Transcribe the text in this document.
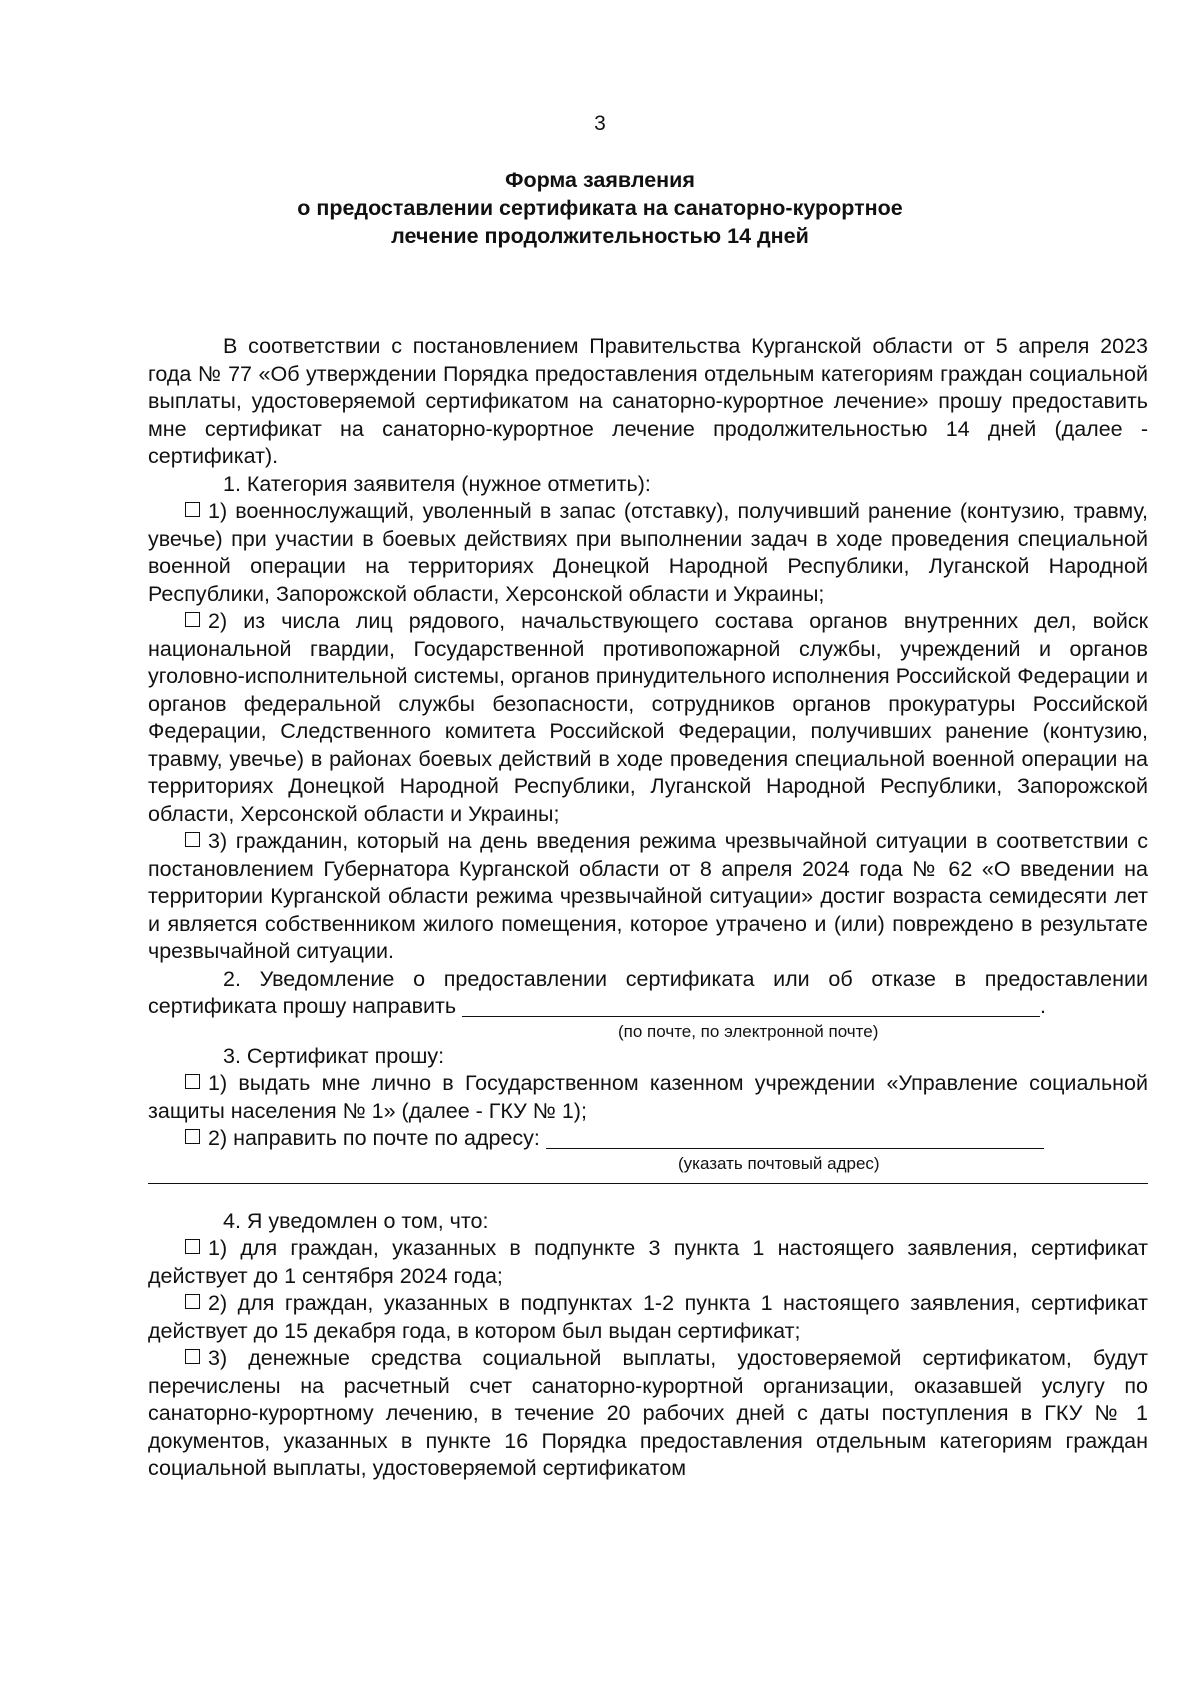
3
Форма заявления
о предоставлении сертификата на санаторно-курортное
лечение продолжительностью 14 дней

В соответствии с постановлением Правительства Курганской области от 5 апреля 2023 года № 77 «Об утверждении Порядка предоставления отдельным категориям граждан социальной выплаты, удостоверяемой сертификатом на санаторно-курортное лечение» прошу предоставить мне сертификат на санаторно-курортное лечение продолжительностью 14 дней (далее - сертификат).

1. Категория заявителя (нужное отметить):

1) военнослужащий, уволенный в запас (отставку), получивший ранение (контузию, травму, увечье) при участии в боевых действиях при выполнении задач в ходе проведения специальной военной операции на территориях Донецкой Народной Республики, Луганской Народной Республики, Запорожской области, Херсонской области и Украины;

2) из числа лиц рядового, начальствующего состава органов внутренних дел, войск национальной гвардии, Государственной противопожарной службы, учреждений и органов уголовно-исполнительной системы, органов принудительного исполнения Российской Федерации и органов федеральной службы безопасности, сотрудников органов прокуратуры Российской Федерации, Следственного комитета Российской Федерации, получивших ранение (контузию, травму, увечье) в районах боевых действий в ходе проведения специальной военной операции на территориях Донецкой Народной Республики, Луганской Народной Республики, Запорожской области, Херсонской области и Украины;

3) гражданин, который на день введения режима чрезвычайной ситуации в соответствии с постановлением Губернатора Курганской области от 8 апреля 2024 года № 62 «О введении на территории Курганской области режима чрезвычайной ситуации» достиг возраста семидесяти лет и является собственником жилого помещения, которое утрачено и (или) повреждено в результате чрезвычайной ситуации.

2. Уведомление о предоставлении сертификата или об отказе в предоставлении сертификата прошу направить	.

(по почте, по электронной почте)

3. Сертификат прошу:

1) выдать мне лично в Государственном казенном учреждении «Управление социальной защиты населения № 1» (далее - ГКУ № 1);

2) направить по почте по адресу:

(указать почтовый адрес)

4. Я уведомлен о том, что:

1) для граждан, указанных в подпункте 3 пункта 1 настоящего заявления, сертификат действует до 1 сентября 2024 года;

2) для граждан, указанных в подпунктах 1-2 пункта 1 настоящего заявления, сертификат действует до 15 декабря года, в котором был выдан сертификат;

3) денежные средства социальной выплаты, удостоверяемой сертификатом, будут перечислены на расчетный счет санаторно-курортной организации, оказавшей услугу по санаторно-курортному лечению, в течение 20 рабочих дней с даты поступления в ГКУ № 1 документов, указанных в пункте 16 Порядка предоставления отдельным категориям граждан социальной выплаты, удостоверяемой сертификатом
